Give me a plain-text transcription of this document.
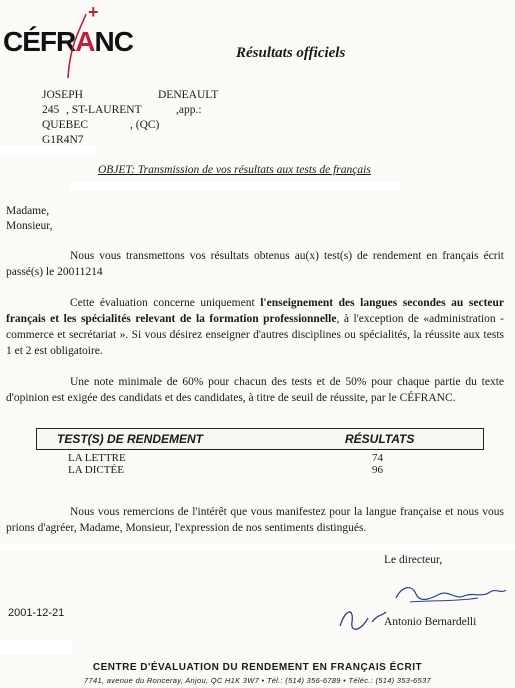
CÉFRANC
+
Résultats officiels
JOSEPH	DENEAULT
245 , ST-LAURENT	,app.:
QUEBEC	, (QC)
G1R4N7
OBJET: Transmission de vos résultats aux tests de français
Madame,
Monsieur,
Nous vous transmettons vos résultats obtenus au(x) test(s) de rendement en français écrit passé(s) le 20011214
Cette évaluation concerne uniquement l'enseignement des langues secondes au secteur français et les spécialités relevant de la formation professionnelle, à l'exception de «administration - commerce et secrétariat ». Si vous désirez enseigner d'autres disciplines ou spécialités, la réussite aux tests 1 et 2 est obligatoire.
Une note minimale de 60% pour chacun des tests et de 50% pour chaque partie du texte d'opinion est exigée des candidats et des candidates, à titre de seuil de réussite, par le CÉFRANC.
TEST(S) DE RENDEMENT	RÉSULTATS
LA LETTRE	74
LA DICTÉE	96
Nous vous remercions de l'intérêt que vous manifestez pour la langue française et nous vous prions d'agréer, Madame, Monsieur, l'expression de nos sentiments distingués.
Le directeur,
Antonio Bernardelli
2001-12-21
CENTRE D'ÉVALUATION DU RENDEMENT EN FRANÇAIS ÉCRIT
7741, avenue du Ronceray, Anjou, QC H1K 3W7 • Tél.: (514) 356-6789 • Téléc.: (514) 353-6537
